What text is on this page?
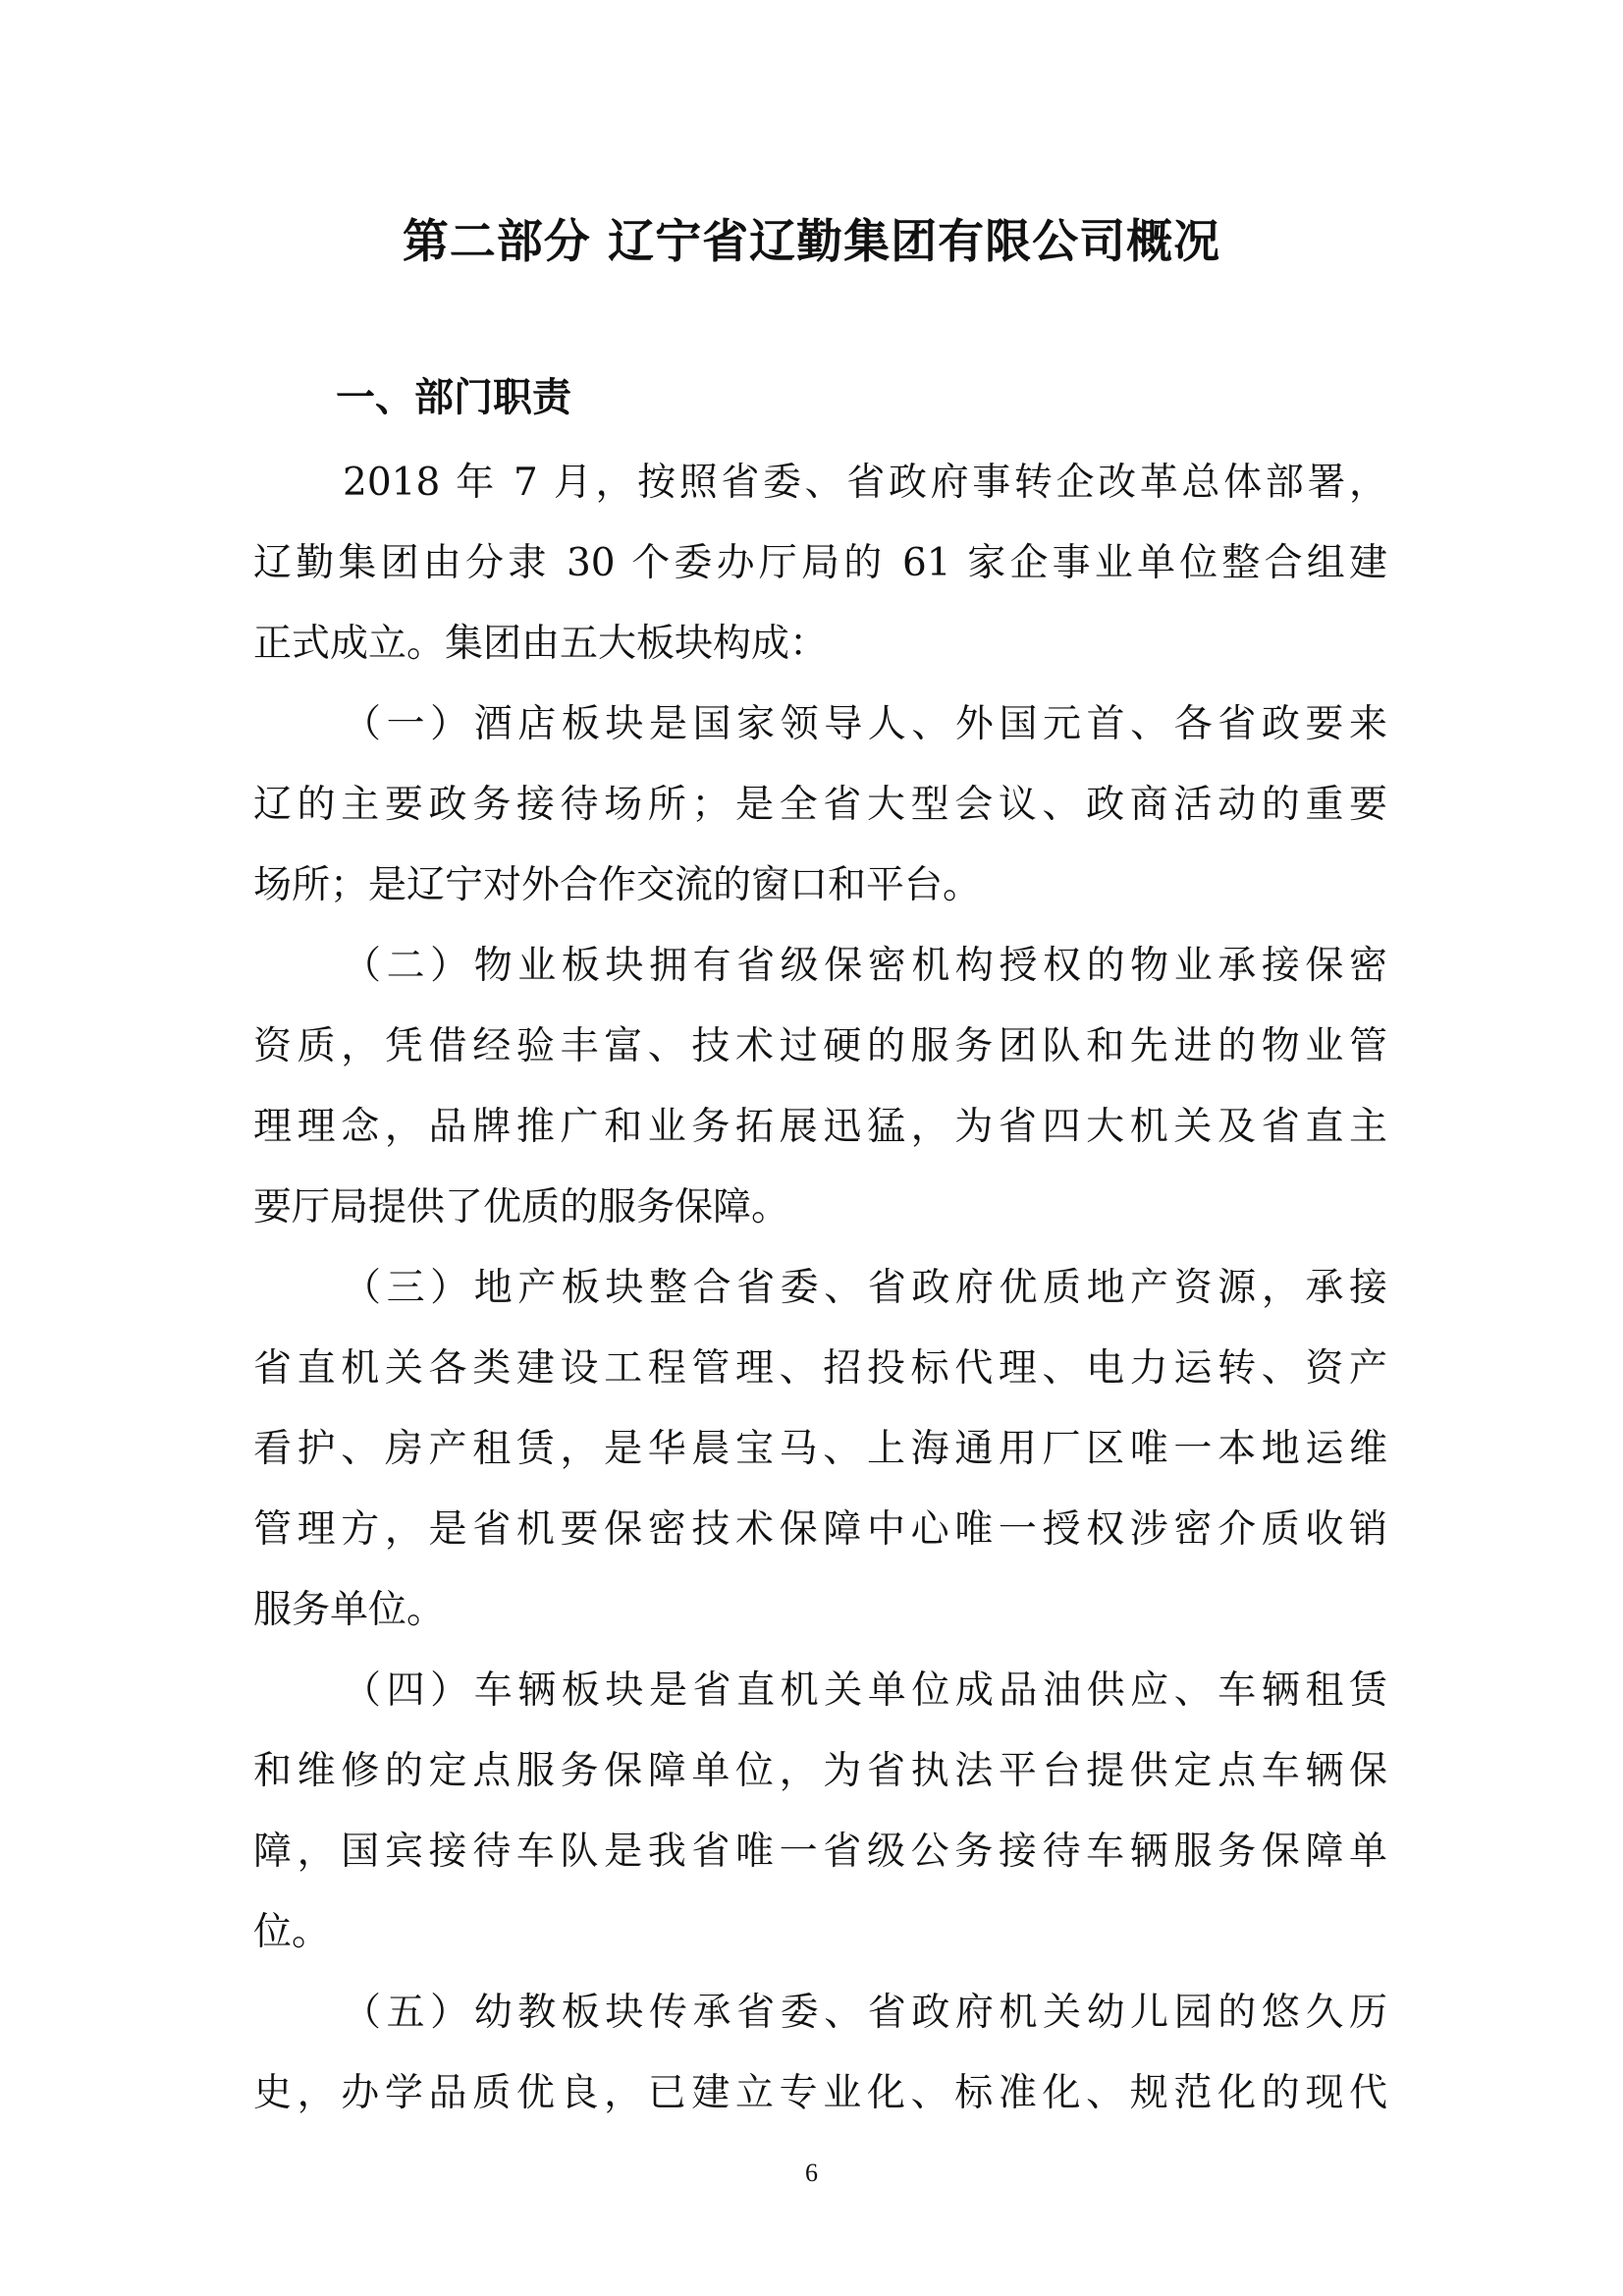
第二部分 辽宁省辽勤集团有限公司概况
一、部门职责

2018 年 7 月，按照省委、省政府事转企改革总体部署，

辽勤集团由分隶 30 个委办厅局的 61 家企事业单位整合组建

正式成立。集团由五大板块构成：

（一）酒店板块是国家领导人、外国元首、各省政要来

辽的主要政务接待场所；是全省大型会议、政商活动的重要

场所；是辽宁对外合作交流的窗口和平台。

（二）物业板块拥有省级保密机构授权的物业承接保密

资质，凭借经验丰富、技术过硬的服务团队和先进的物业管

理理念，品牌推广和业务拓展迅猛，为省四大机关及省直主

要厅局提供了优质的服务保障。

（三）地产板块整合省委、省政府优质地产资源，承接

省直机关各类建设工程管理、招投标代理、电力运转、资产

看护、房产租赁，是华晨宝马、上海通用厂区唯一本地运维

管理方，是省机要保密技术保障中心唯一授权涉密介质收销

服务单位。

（四）车辆板块是省直机关单位成品油供应、车辆租赁

和维修的定点服务保障单位，为省执法平台提供定点车辆保

障，国宾接待车队是我省唯一省级公务接待车辆服务保障单

位。

（五）幼教板块传承省委、省政府机关幼儿园的悠久历

史，办学品质优良，已建立专业化、标准化、规范化的现代

6
